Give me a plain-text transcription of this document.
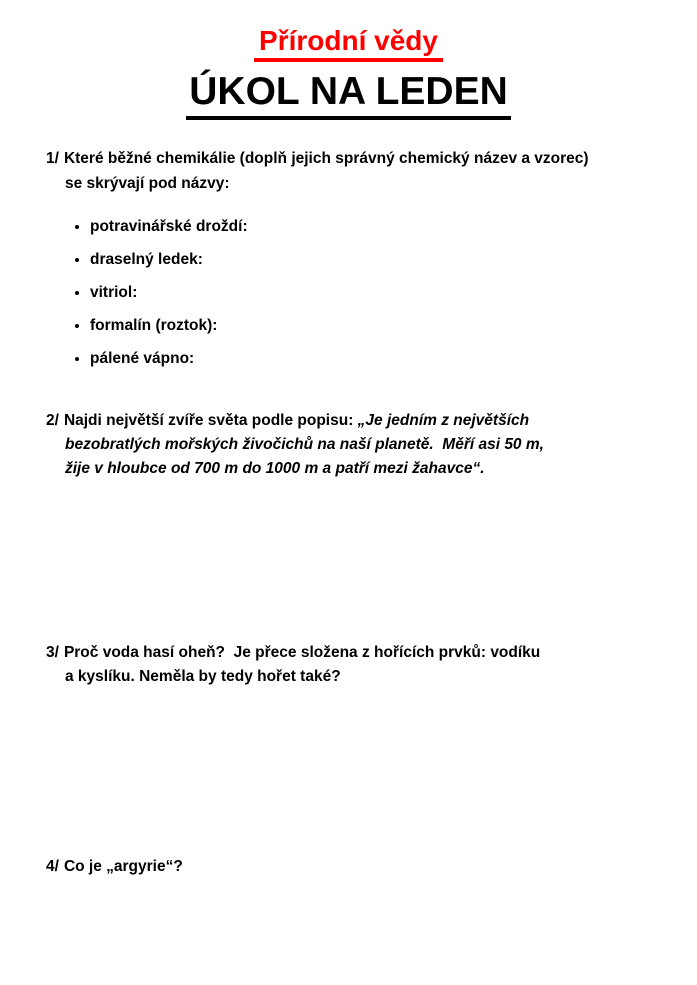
Přírodní vědy
ÚKOL NA LEDEN

1/ Které běžné chemikálie (doplň jejich správný chemický název a vzorec)

se skrývají pod názvy:

• potravinářské droždí:
• draselný ledek:
• vitriol:
• formalín (roztok):
• pálené vápno:

2/ Najdi největší zvíře světa podle popisu: „Je jedním z největších

bezobratlých mořských živočichů na naší planetě.  Měří asi 50 m,

žije v hloubce od 700 m do 1000 m a patří mezi žahavce“.

3/ Proč voda hasí oheň?  Je přece složena z hořících prvků: vodíku

a kyslíku. Neměla by tedy hořet také?

4/ Co je „argyrie“?
